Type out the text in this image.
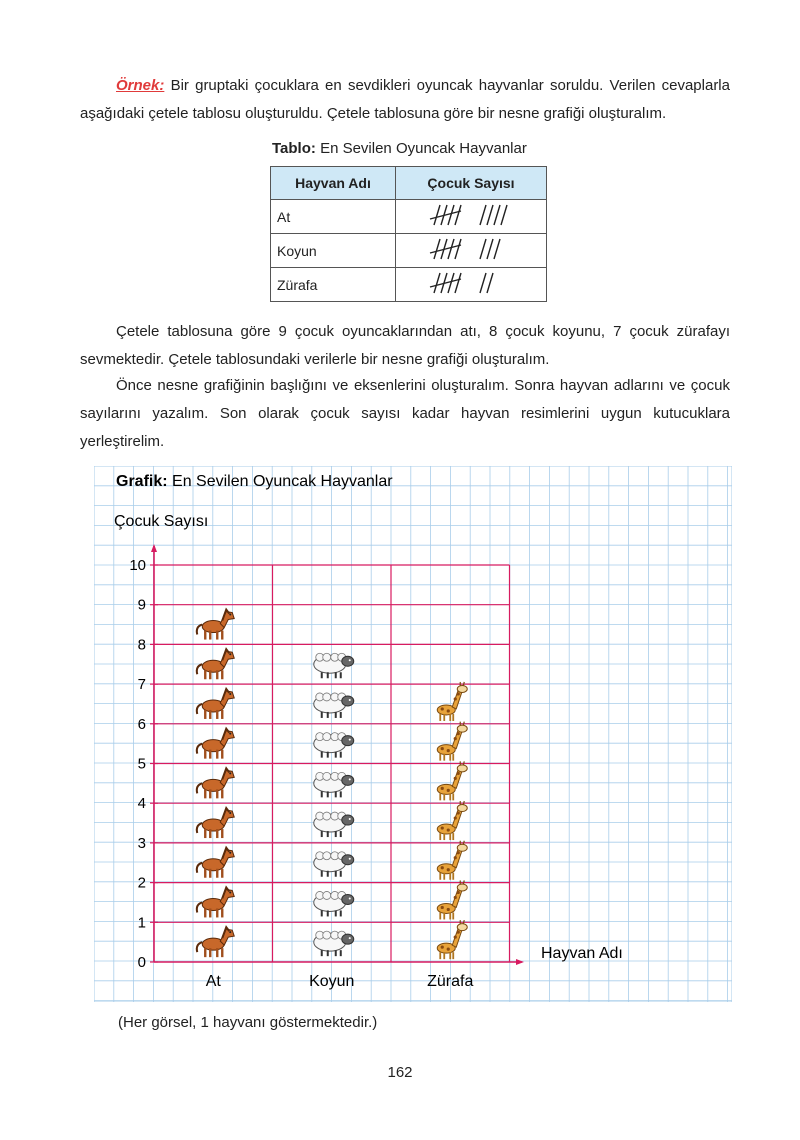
Örnek: Bir gruptaki çocuklara en sevdikleri oyuncak hayvanlar soruldu. Verilen cevaplarla aşağıdaki çetele tablosu oluşturuldu. Çetele tablosuna göre bir nesne grafiği oluşturalım.
Tablo: En Sevilen Oyuncak Hayvanlar
Hayvan Adı	Çocuk Sayısı
At	
Koyun	
Zürafa	
Çetele tablosuna göre 9 çocuk oyuncaklarından atı, 8 çocuk koyunu, 7 çocuk zürafayı sevmektedir. Çetele tablosundaki verilerle bir nesne grafiği oluşturalım.
Önce nesne grafiğinin başlığını ve eksenlerini oluşturalım. Sonra hayvan adlarını ve çocuk sayılarını yazalım. Son olarak çocuk sayısı kadar hayvan resimlerini uygun kutucuklara yerleştirelim.
Grafik: En Sevilen Oyuncak Hayvanlar
Çocuk Sayısı
0
1
2
3
4
5
6
7
8
9
10
At	Koyun	Zürafa
Hayvan Adı
(Her görsel, 1 hayvanı göstermektedir.)
162
